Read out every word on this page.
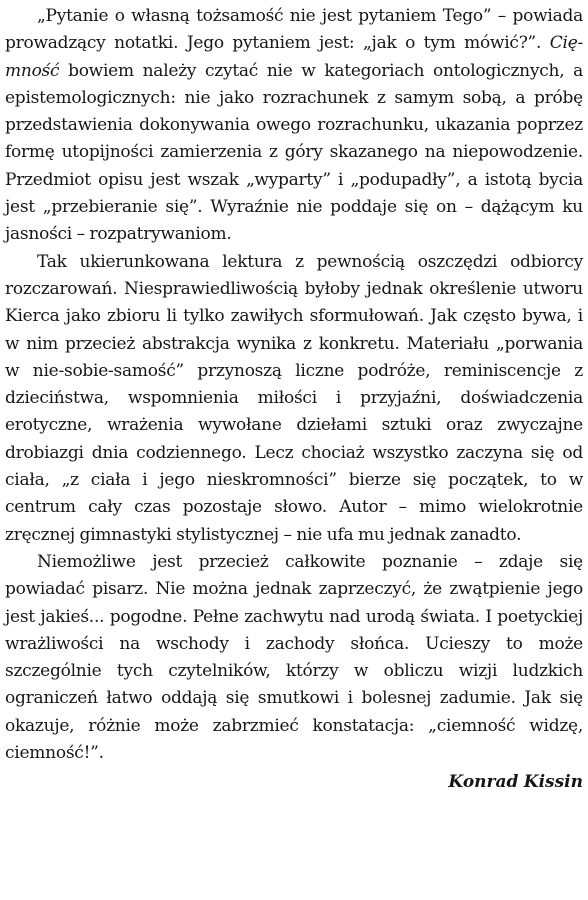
„Pytanie o własną tożsamość nie jest pytaniem Tego” – powiada prowadzący notatki. Jego pytaniem jest: „jak o tym mówić?”. Cię-mność bowiem należy czytać nie w kategoriach ontologicznych, a epistemologicznych: nie jako rozrachunek z samym sobą, a próbę przedstawienia dokonywania owego rozrachunku, ukazania poprzez formę utopijności zamierzenia z góry skazanego na niepowodzenie. Przedmiot opisu jest wszak „wyparty” i „podupadły”, a istotą bycia jest „przebieranie się”. Wyraźnie nie poddaje się on – dążącym ku jasności – rozpatrywaniom.

Tak ukierunkowana lektura z pewnością oszczędzi odbiorcy rozczarowań. Niesprawiedliwością byłoby jednak określenie utworu Kierca jako zbioru li tylko zawiłych sformułowań. Jak często bywa, i w nim przecież abstrakcja wynika z konkretu. Materiału „porwania w nie-sobie-samość” przynoszą liczne podróże, reminiscencje z dzieciństwa, wspomnienia miłości i przyjaźni, doświadczenia erotyczne, wrażenia wywołane dziełami sztuki oraz zwyczajne drobiazgi dnia codziennego. Lecz chociaż wszystko zaczyna się od ciała, „z ciała i jego nieskromności” bierze się początek, to w centrum cały czas pozostaje słowo. Autor – mimo wielokrotnie zręcznej gimnastyki stylistycznej – nie ufa mu jednak zanadto.

Niemożliwe jest przecież całkowite poznanie – zdaje się powiadać pisarz. Nie można jednak zaprzeczyć, że zwątpienie jego jest jakieś... pogodne. Pełne zachwytu nad urodą świata. I poetyckiej wrażliwości na wschody i zachody słońca. Ucieszy to może szczególnie tych czytelników, którzy w obliczu wizji ludzkich ograniczeń łatwo oddają się smutkowi i bolesnej zadumie. Jak się okazuje, różnie może zabrzmieć konstatacja: „ciemność widzę, ciemność!”.

Konrad Kissin
